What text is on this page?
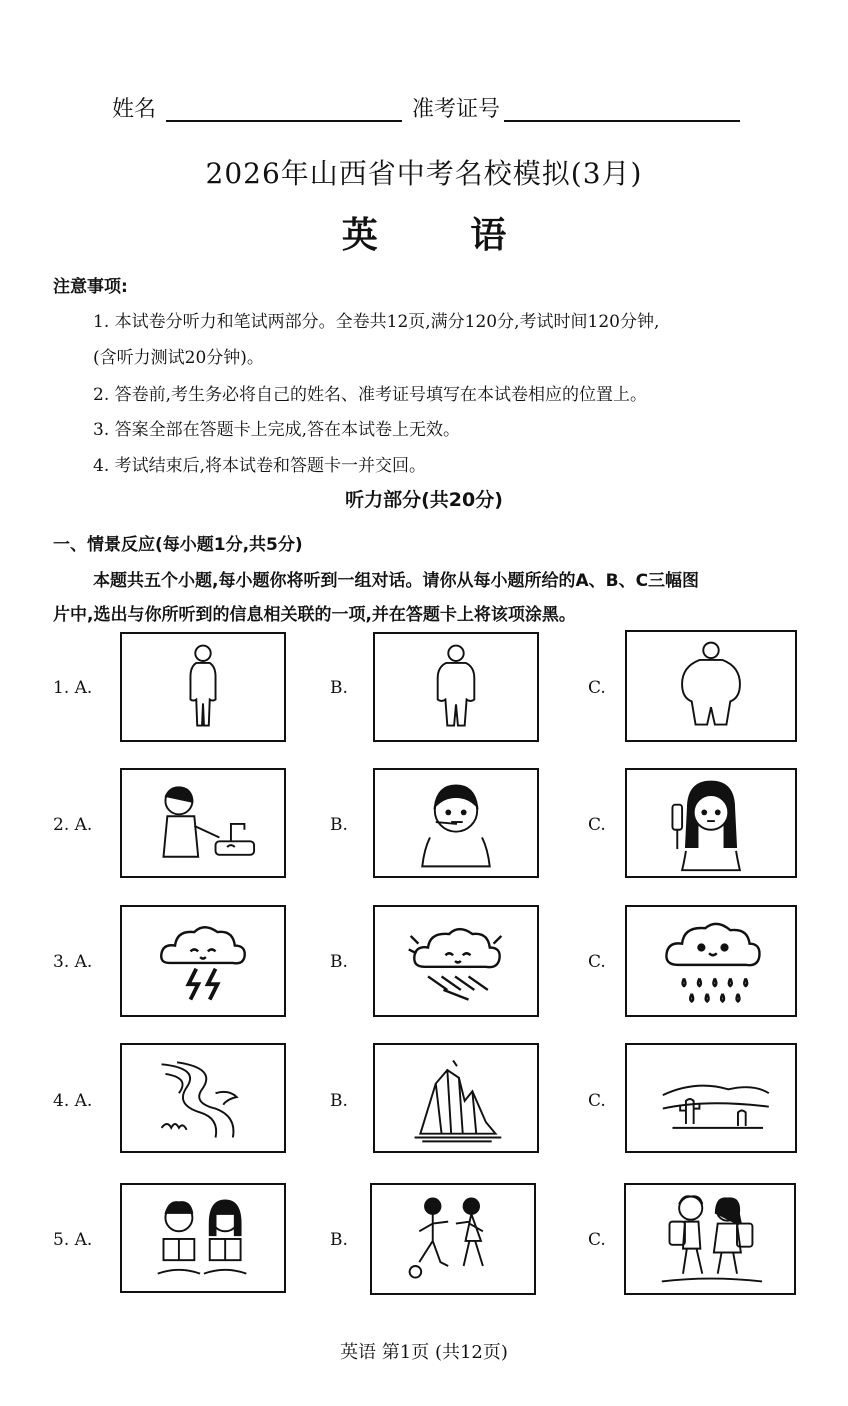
姓名	准考证号
2026年山西省中考名校模拟(3月)
英 语
注意事项:
1. 本试卷分听力和笔试两部分。全卷共12页,满分120分,考试时间120分钟,
(含听力测试20分钟)。
2. 答卷前,考生务必将自己的姓名、准考证号填写在本试卷相应的位置上。
3. 答案全部在答题卡上完成,答在本试卷上无效。
4. 考试结束后,将本试卷和答题卡一并交回。
听力部分(共20分)
一、情景反应(每小题1分,共5分)
本题共五个小题,每小题你将听到一组对话。请你从每小题所给的A、B、C三幅图
片中,选出与你所听到的信息相关联的一项,并在答题卡上将该项涂黑。
1. A.	B.	C.
2. A.	B.	C.
3. A.	B.	C.
4. A.	B.	C.
5. A.	B.	C.
英语 第1页 (共12页)
